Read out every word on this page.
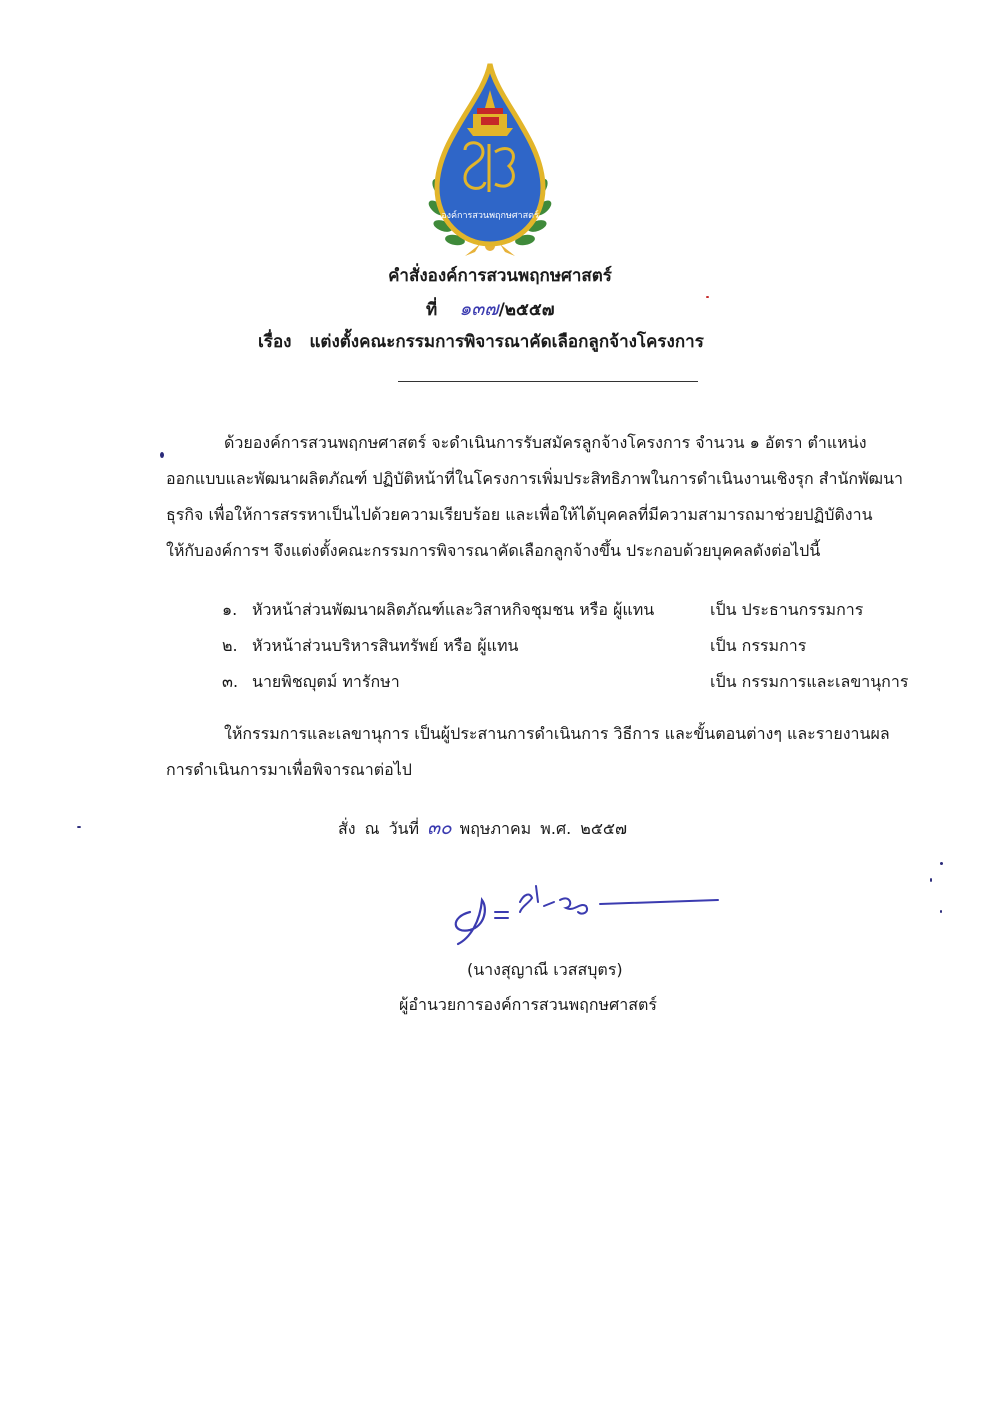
องค์การสวนพฤกษศาสตร์
คำสั่งองค์การสวนพฤกษศาสตร์
ที่ ๑๓๗/๒๕๕๗
เรื่อง แต่งตั้งคณะกรรมการพิจารณาคัดเลือกลูกจ้างโครงการ
ด้วยองค์การสวนพฤกษศาสตร์ จะดำเนินการรับสมัครลูกจ้างโครงการ จำนวน ๑ อัตรา ตำแหน่ง
ออกแบบและพัฒนาผลิตภัณฑ์ ปฏิบัติหน้าที่ในโครงการเพิ่มประสิทธิภาพในการดำเนินงานเชิงรุก สำนักพัฒนา
ธุรกิจ เพื่อให้การสรรหาเป็นไปด้วยความเรียบร้อย และเพื่อให้ได้บุคคลที่มีความสามารถมาช่วยปฏิบัติงาน
ให้กับองค์การฯ จึงแต่งตั้งคณะกรรมการพิจารณาคัดเลือกลูกจ้างขึ้น ประกอบด้วยบุคคลดังต่อไปนี้
๑. หัวหน้าส่วนพัฒนาผลิตภัณฑ์และวิสาหกิจชุมชน หรือ ผู้แทน	เป็น ประธานกรรมการ
๒. หัวหน้าส่วนบริหารสินทรัพย์ หรือ ผู้แทน	เป็น กรรมการ
๓. นายพิชญุตม์ ทารักษา	เป็น กรรมการและเลขานุการ
ให้กรรมการและเลขานุการ เป็นผู้ประสานการดำเนินการ วิธีการ และขั้นตอนต่างๆ และรายงานผล
การดำเนินการมาเพื่อพิจารณาต่อไป
สั่ง ณ วันที่ ๓๐ พฤษภาคม พ.ศ. ๒๕๕๗
(นางสุญาณี เวสสบุตร)
ผู้อำนวยการองค์การสวนพฤกษศาสตร์
